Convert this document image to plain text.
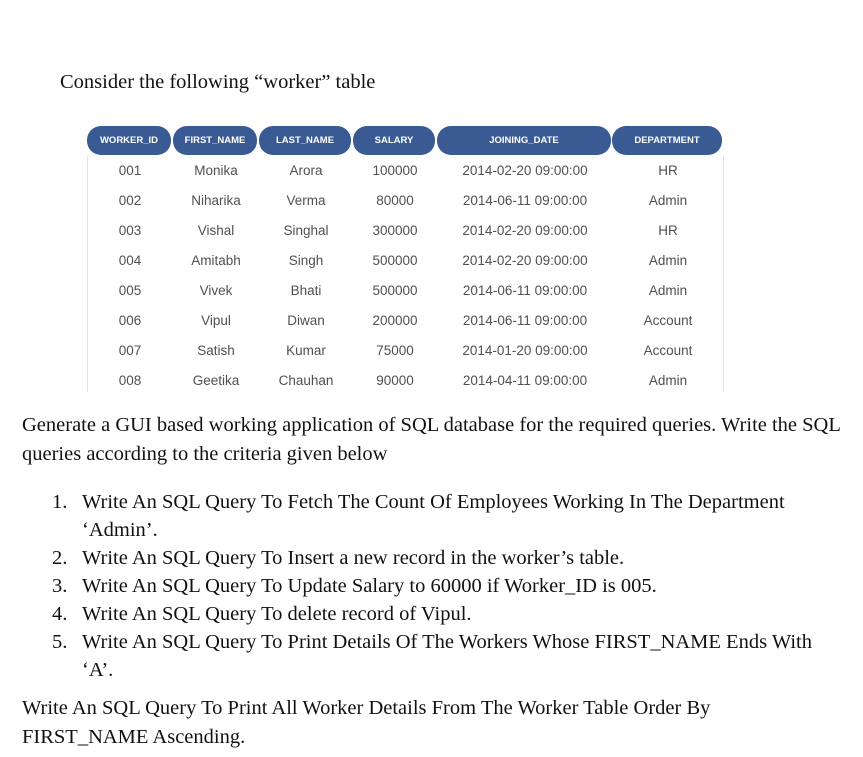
Consider the following “worker” table
WORKER_ID	FIRST_NAME	LAST_NAME	SALARY	JOINING_DATE	DEPARTMENT
001	Monika	Arora	100000	2014-02-20 09:00:00	HR
002	Niharika	Verma	80000	2014-06-11 09:00:00	Admin
003	Vishal	Singhal	300000	2014-02-20 09:00:00	HR
004	Amitabh	Singh	500000	2014-02-20 09:00:00	Admin
005	Vivek	Bhati	500000	2014-06-11 09:00:00	Admin
006	Vipul	Diwan	200000	2014-06-11 09:00:00	Account
007	Satish	Kumar	75000	2014-01-20 09:00:00	Account
008	Geetika	Chauhan	90000	2014-04-11 09:00:00	Admin

Generate a GUI based working application of SQL database for the required queries. Write the SQL queries according to the criteria given below

1. Write An SQL Query To Fetch The Count Of Employees Working In The Department ‘Admin’.
2. Write An SQL Query To Insert a new record in the worker’s table.
3. Write An SQL Query To Update Salary to 60000 if Worker_ID is 005.
4. Write An SQL Query To delete record of Vipul.
5. Write An SQL Query To Print Details Of The Workers Whose FIRST_NAME Ends With ‘A’.

Write An SQL Query To Print All Worker Details From The Worker Table Order By FIRST_NAME Ascending.
